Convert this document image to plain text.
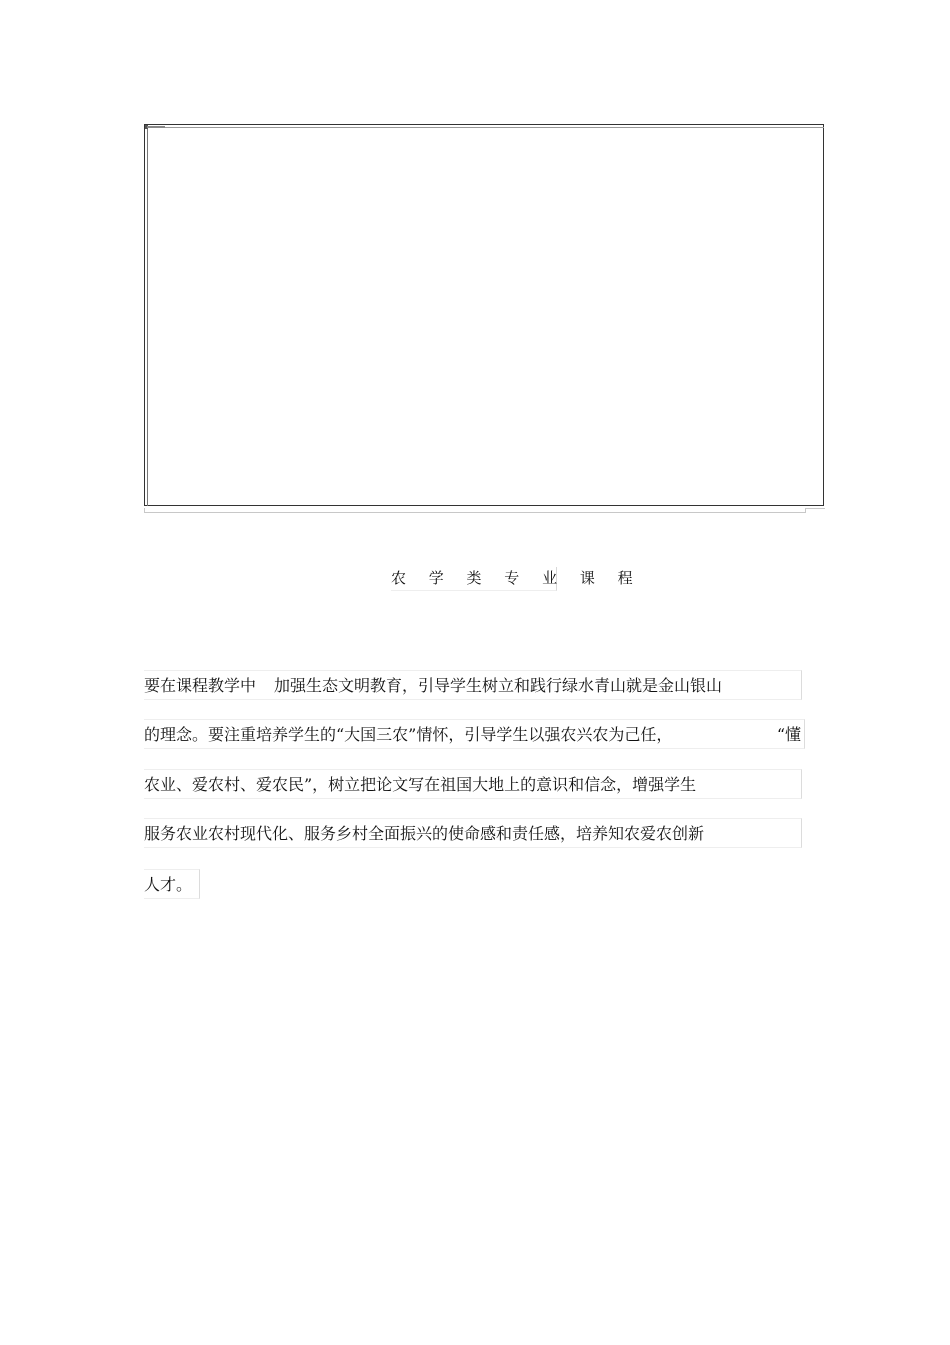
农 学 类 专 业 课 程
要在课程教学中 加强生态文明教育，引导学生树立和践行绿水青山就是金山银山
的理念。要注重培养学生的“大国三农”情怀，引导学生以强农兴农为己任，	“懂
农业、爱农村、爱农民”，树立把论文写在祖国大地上的意识和信念，增强学生
服务农业农村现代化、服务乡村全面振兴的使命感和责任感，培养知农爱农创新
人才。
